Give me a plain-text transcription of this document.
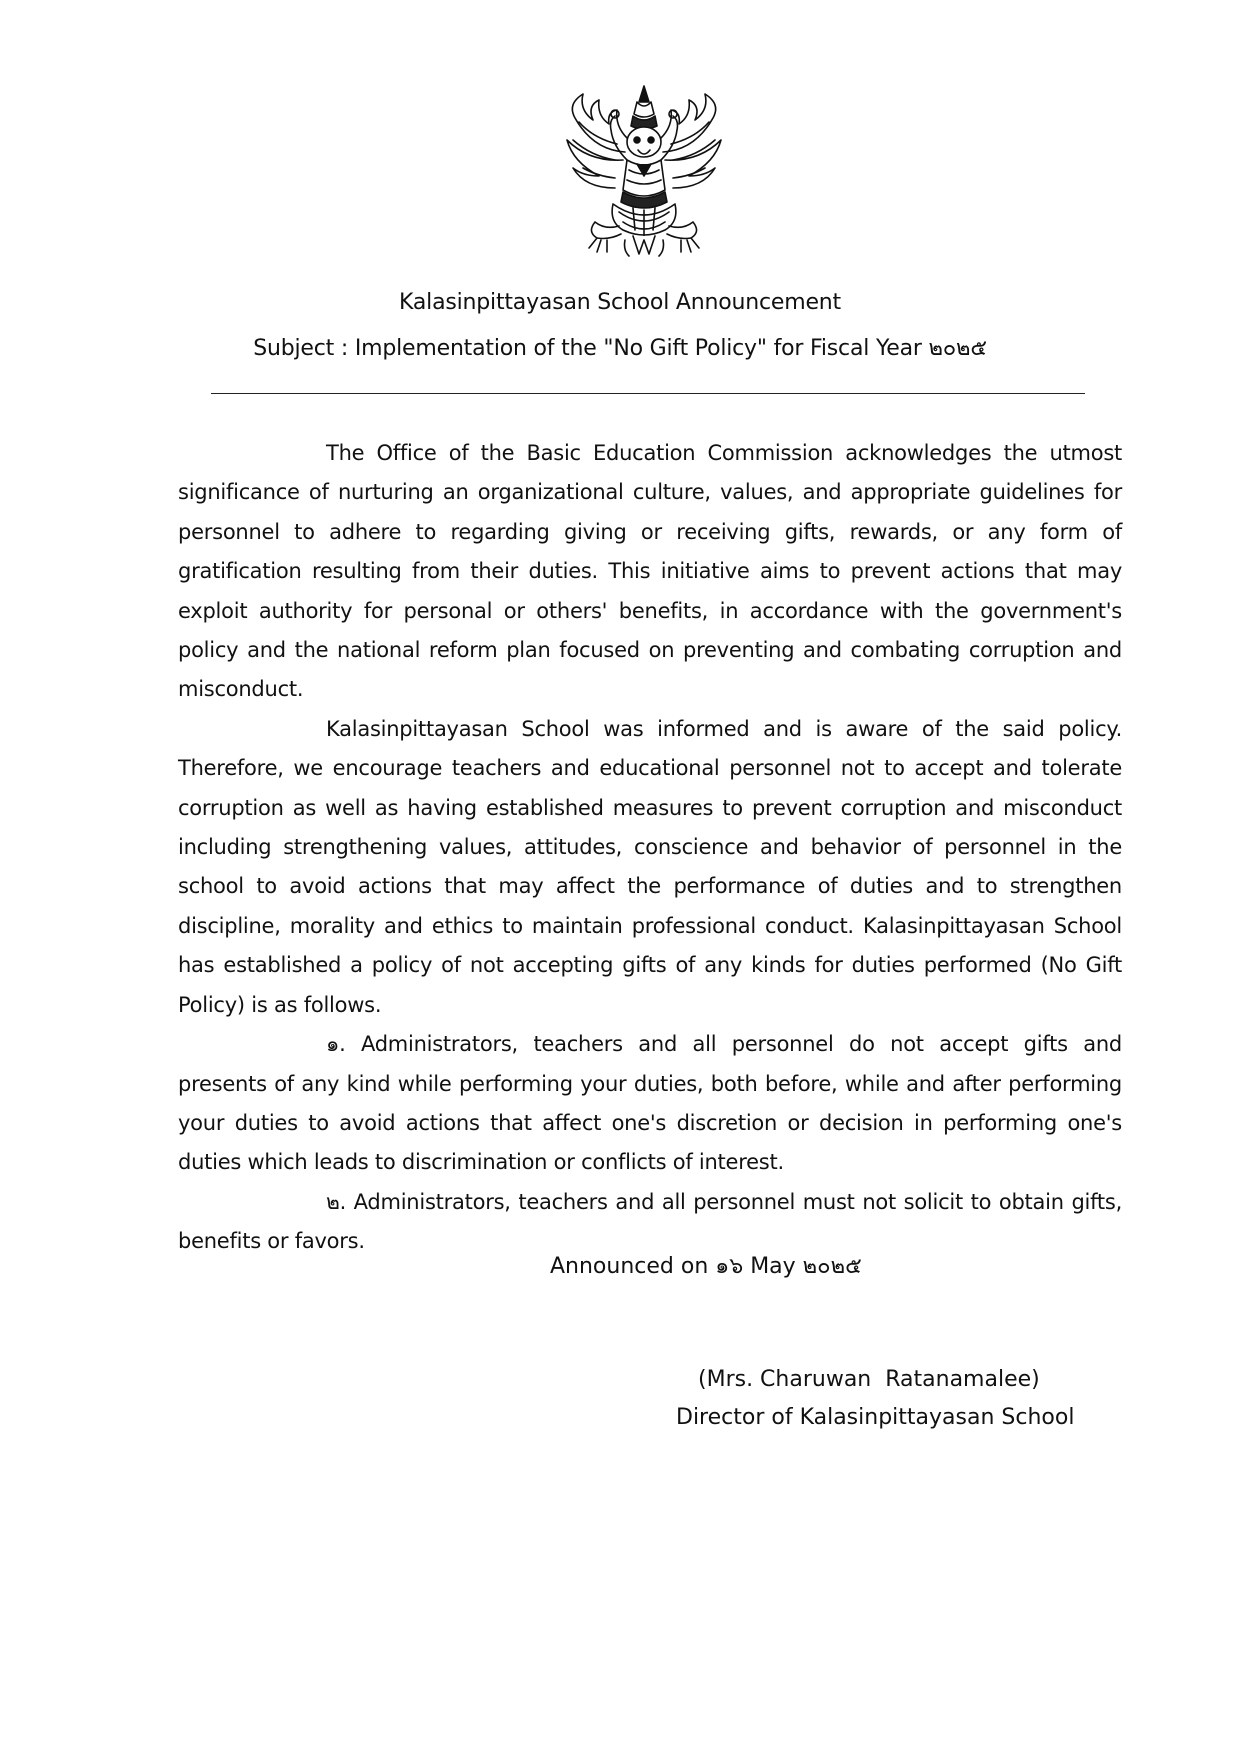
Kalasinpittayasan School Announcement
Subject : Implementation of the "No Gift Policy" for Fiscal Year ๒๐๒๕

The Office of the Basic Education Commission acknowledges the utmost significance of nurturing an organizational culture, values, and appropriate guidelines for personnel to adhere to regarding giving or receiving gifts, rewards, or any form of gratification resulting from their duties. This initiative aims to prevent actions that may exploit authority for personal or others' benefits, in accordance with the government's policy and the national reform plan focused on preventing and combating corruption and misconduct.

Kalasinpittayasan School was informed and is aware of the said policy. Therefore, we encourage teachers and educational personnel not to accept and tolerate corruption as well as having established measures to prevent corruption and misconduct including strengthening values, attitudes, conscience and behavior of personnel in the school to avoid actions that may affect the performance of duties and to strengthen discipline, morality and ethics to maintain professional conduct. Kalasinpittayasan School has established a policy of not accepting gifts of any kinds for duties performed (No Gift Policy) is as follows.

๑. Administrators, teachers and all personnel do not accept gifts and presents of any kind while performing your duties, both before, while and after performing your duties to avoid actions that affect one's discretion or decision in performing one's duties which leads to discrimination or conflicts of interest.

๒. Administrators, teachers and all personnel must not solicit to obtain gifts, benefits or favors.

Announced on ๑๖ May ๒๐๒๕
(Mrs. Charuwan  Ratanamalee)
Director of Kalasinpittayasan School
